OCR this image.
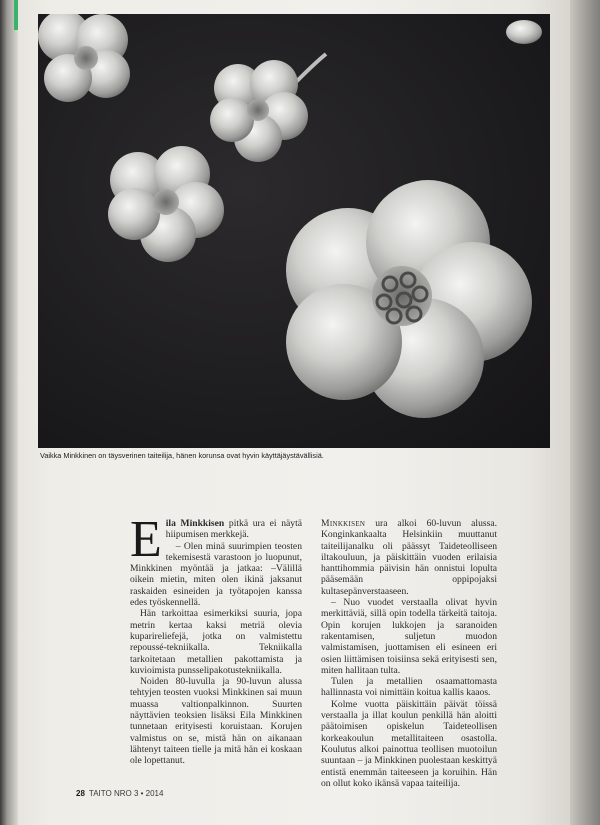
Vaikka Minkkinen on täysverinen taiteilija, hänen korunsa ovat hyvin käyttäjäystävällisiä.

Eila Minkkisen pitkä ura ei näytä hiipumisen merkkejä.

– Olen minä suurimpien teosten tekemisestä varastoon jo luopunut, Minkkinen myöntää ja jatkaa: –Välillä oikein mietin, miten olen ikinä jaksanut raskaiden esineiden ja työtapojen kanssa edes työskennellä.

Hän tarkoittaa esimerkiksi suuria, jopa metrin kertaa kaksi metriä olevia kuparireliefejä, jotka on valmistettu repoussé-tekniikalla. Tekniikalla tarkoitetaan metallien pakottamista ja kuvioimista punsselipakotustekniikalla.

Noiden 80-luvulla ja 90-luvun alussa tehtyjen teosten vuoksi Minkkinen sai muun muassa valtionpalkinnon. Suurten näyttävien teoksien lisäksi Eila Minkkinen tunnetaan erityisesti koruistaan. Korujen valmistus on se, mistä hän on aikanaan lähtenyt taiteen tielle ja mitä hän ei koskaan ole lopettanut.

Minkkisen ura alkoi 60-luvun alussa. Konginkankaalta Helsinkiin muuttanut taiteilijanalku oli päässyt Taideteolliseen iltakouluun, ja päiskittäin vuoden erilaisia hanttihommia päivisin hän onnistui lopulta pääsemään oppipojaksi kultasepänverstaaseen.

– Nuo vuodet verstaalla olivat hyvin merkittäviä, sillä opin todella tärkeitä taitoja. Opin korujen lukkojen ja saranoiden rakentamisen, suljetun muodon valmistamisen, juottamisen eli esineen eri osien liittämisen toisiinsa sekä erityisesti sen, miten hallitaan tulta.

Tulen ja metallien osaamattomasta hallinnasta voi nimittäin koitua kallis kaaos.

Kolme vuotta päiskittäin päivät töissä verstaalla ja illat koulun penkillä hän aloitti päätoimisen opiskelun Taideteollisen korkeakoulun metallitaiteen osastolla. Koulutus alkoi painottua teollisen muotoilun suuntaan – ja Minkkinen puolestaan keskittyä entistä enemmän taiteeseen ja koruihin. Hän on ollut koko ikänsä vapaa taiteilija.

28 TAITO NRO 3 • 2014
